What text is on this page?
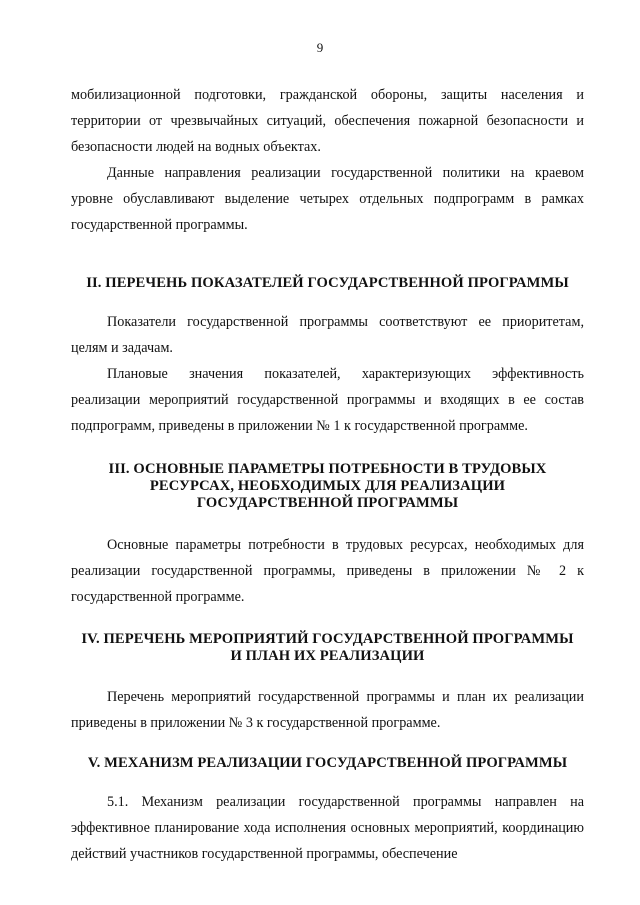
9

мобилизационной подготовки, гражданской обороны, защиты населения и территории от чрезвычайных ситуаций, обеспечения пожарной безопасности и безопасности людей на водных объектах.

Данные направления реализации государственной политики на краевом уровне обуславливают выделение четырех отдельных подпрограмм в рамках государственной программы.

II. ПЕРЕЧЕНЬ ПОКАЗАТЕЛЕЙ ГОСУДАРСТВЕННОЙ ПРОГРАММЫ

Показатели государственной программы соответствуют ее приоритетам, целям и задачам.

Плановые значения показателей, характеризующих эффективность реализации мероприятий государственной программы и входящих в ее состав подпрограмм, приведены в приложении № 1 к государственной программе.

III. ОСНОВНЫЕ ПАРАМЕТРЫ ПОТРЕБНОСТИ В ТРУДОВЫХ
РЕСУРСАХ, НЕОБХОДИМЫХ ДЛЯ РЕАЛИЗАЦИИ
ГОСУДАРСТВЕННОЙ ПРОГРАММЫ

Основные параметры потребности в трудовых ресурсах, необходимых для реализации государственной программы, приведены в приложении № 2 к государственной программе.

IV. ПЕРЕЧЕНЬ МЕРОПРИЯТИЙ ГОСУДАРСТВЕННОЙ ПРОГРАММЫ
И ПЛАН ИХ РЕАЛИЗАЦИИ

Перечень мероприятий государственной программы и план их реализации приведены в приложении № 3 к государственной программе.

V. МЕХАНИЗМ РЕАЛИЗАЦИИ ГОСУДАРСТВЕННОЙ ПРОГРАММЫ

5.1. Механизм реализации государственной программы направлен на эффективное планирование хода исполнения основных мероприятий, координацию действий участников государственной программы, обеспечение
